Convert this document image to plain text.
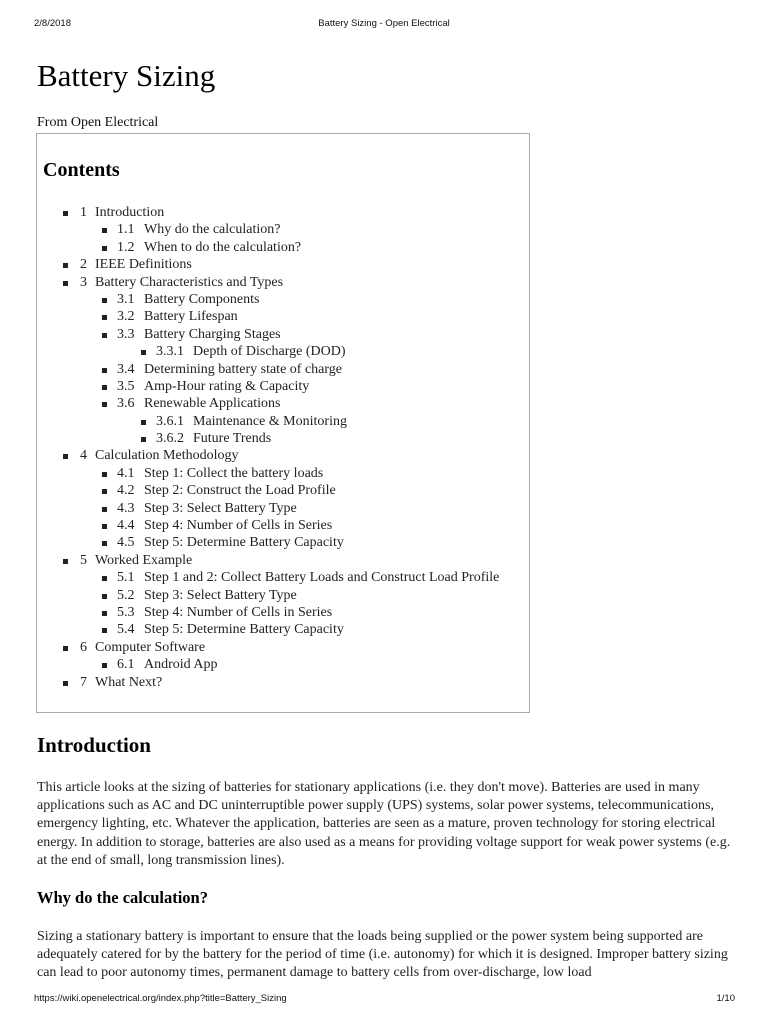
2/8/2018	Battery Sizing - Open Electrical
Battery Sizing
From Open Electrical
Contents
1 Introduction
1.1 Why do the calculation?
1.2 When to do the calculation?
2 IEEE Definitions
3 Battery Characteristics and Types
3.1 Battery Components
3.2 Battery Lifespan
3.3 Battery Charging Stages
3.3.1 Depth of Discharge (DOD)
3.4 Determining battery state of charge
3.5 Amp-Hour rating & Capacity
3.6 Renewable Applications
3.6.1 Maintenance & Monitoring
3.6.2 Future Trends
4 Calculation Methodology
4.1 Step 1: Collect the battery loads
4.2 Step 2: Construct the Load Profile
4.3 Step 3: Select Battery Type
4.4 Step 4: Number of Cells in Series
4.5 Step 5: Determine Battery Capacity
5 Worked Example
5.1 Step 1 and 2: Collect Battery Loads and Construct Load Profile
5.2 Step 3: Select Battery Type
5.3 Step 4: Number of Cells in Series
5.4 Step 5: Determine Battery Capacity
6 Computer Software
6.1 Android App
7 What Next?
Introduction

This article looks at the sizing of batteries for stationary applications (i.e. they don't move). Batteries are used in many applications such as AC and DC uninterruptible power supply (UPS) systems, solar power systems, telecommunications, emergency lighting, etc. Whatever the application, batteries are seen as a mature, proven technology for storing electrical energy. In addition to storage, batteries are also used as a means for providing voltage support for weak power systems (e.g. at the end of small, long transmission lines).

Why do the calculation?

Sizing a stationary battery is important to ensure that the loads being supplied or the power system being supported are adequately catered for by the battery for the period of time (i.e. autonomy) for which it is designed. Improper battery sizing can lead to poor autonomy times, permanent damage to battery cells from over-discharge, low load

https://wiki.openelectrical.org/index.php?title=Battery_Sizing	1/10
